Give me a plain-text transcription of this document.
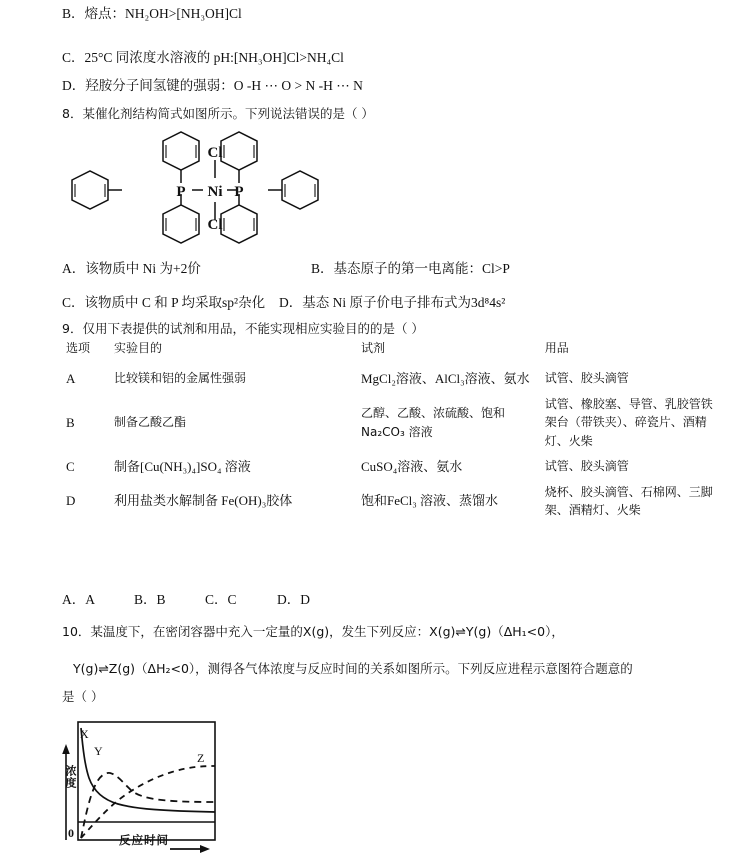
B．熔点：NH₂OH>[NH₃OH]Cl
C．25°C 同浓度水溶液的 pH:[NH₃OH]Cl>NH₄Cl
D．羟胺分子间氢键的强弱：O -H ⋯ O > N -H ⋯ N
8．某催化剂结构简式如图所示。下列说法错误的是（ ）
P Ni P
Cl
Cl
A．该物质中 Ni 为+2价	B．基态原子的第一电离能：Cl>P
C．该物质中 C 和 P 均采取sp²杂化 D．基态 Ni 原子价电子排布式为3d⁸4s²
9．仅用下表提供的试剂和用品，不能实现相应实验目的的是（ ）
选项	实验目的	试剂	用品
A	比较镁和铝的金属性强弱	MgCl₂溶液、AlCl₃溶液、氨水	试管、胶头滴管
B	制备乙酸乙酯	乙醇、乙酸、浓硫酸、饱和 Na₂CO₃ 溶液	试管、橡胶塞、导管、乳胶管铁架台（带铁夹）、碎瓷片、酒精灯、火柴
C	制备[Cu(NH₃)₄]SO₄ 溶液	CuSO₄溶液、氨水	试管、胶头滴管
D	利用盐类水解制备 Fe(OH)₃胶体	饱和FeCl₃ 溶液、蒸馏水	烧杯、胶头滴管、石棉网、三脚架、酒精灯、火柴
A．A	B．B	C．C	D．D
10．某温度下，在密闭容器中充入一定量的X(g)，发生下列反应：X(g)⇌Y(g)（ΔH₁<0），
Y(g)⇌Z(g)（ΔH₂<0），测得各气体浓度与反应时间的关系如图所示。下列反应进程示意图符合题意的
是（ ）
X
Y	Z
浓度
0	反应时间
